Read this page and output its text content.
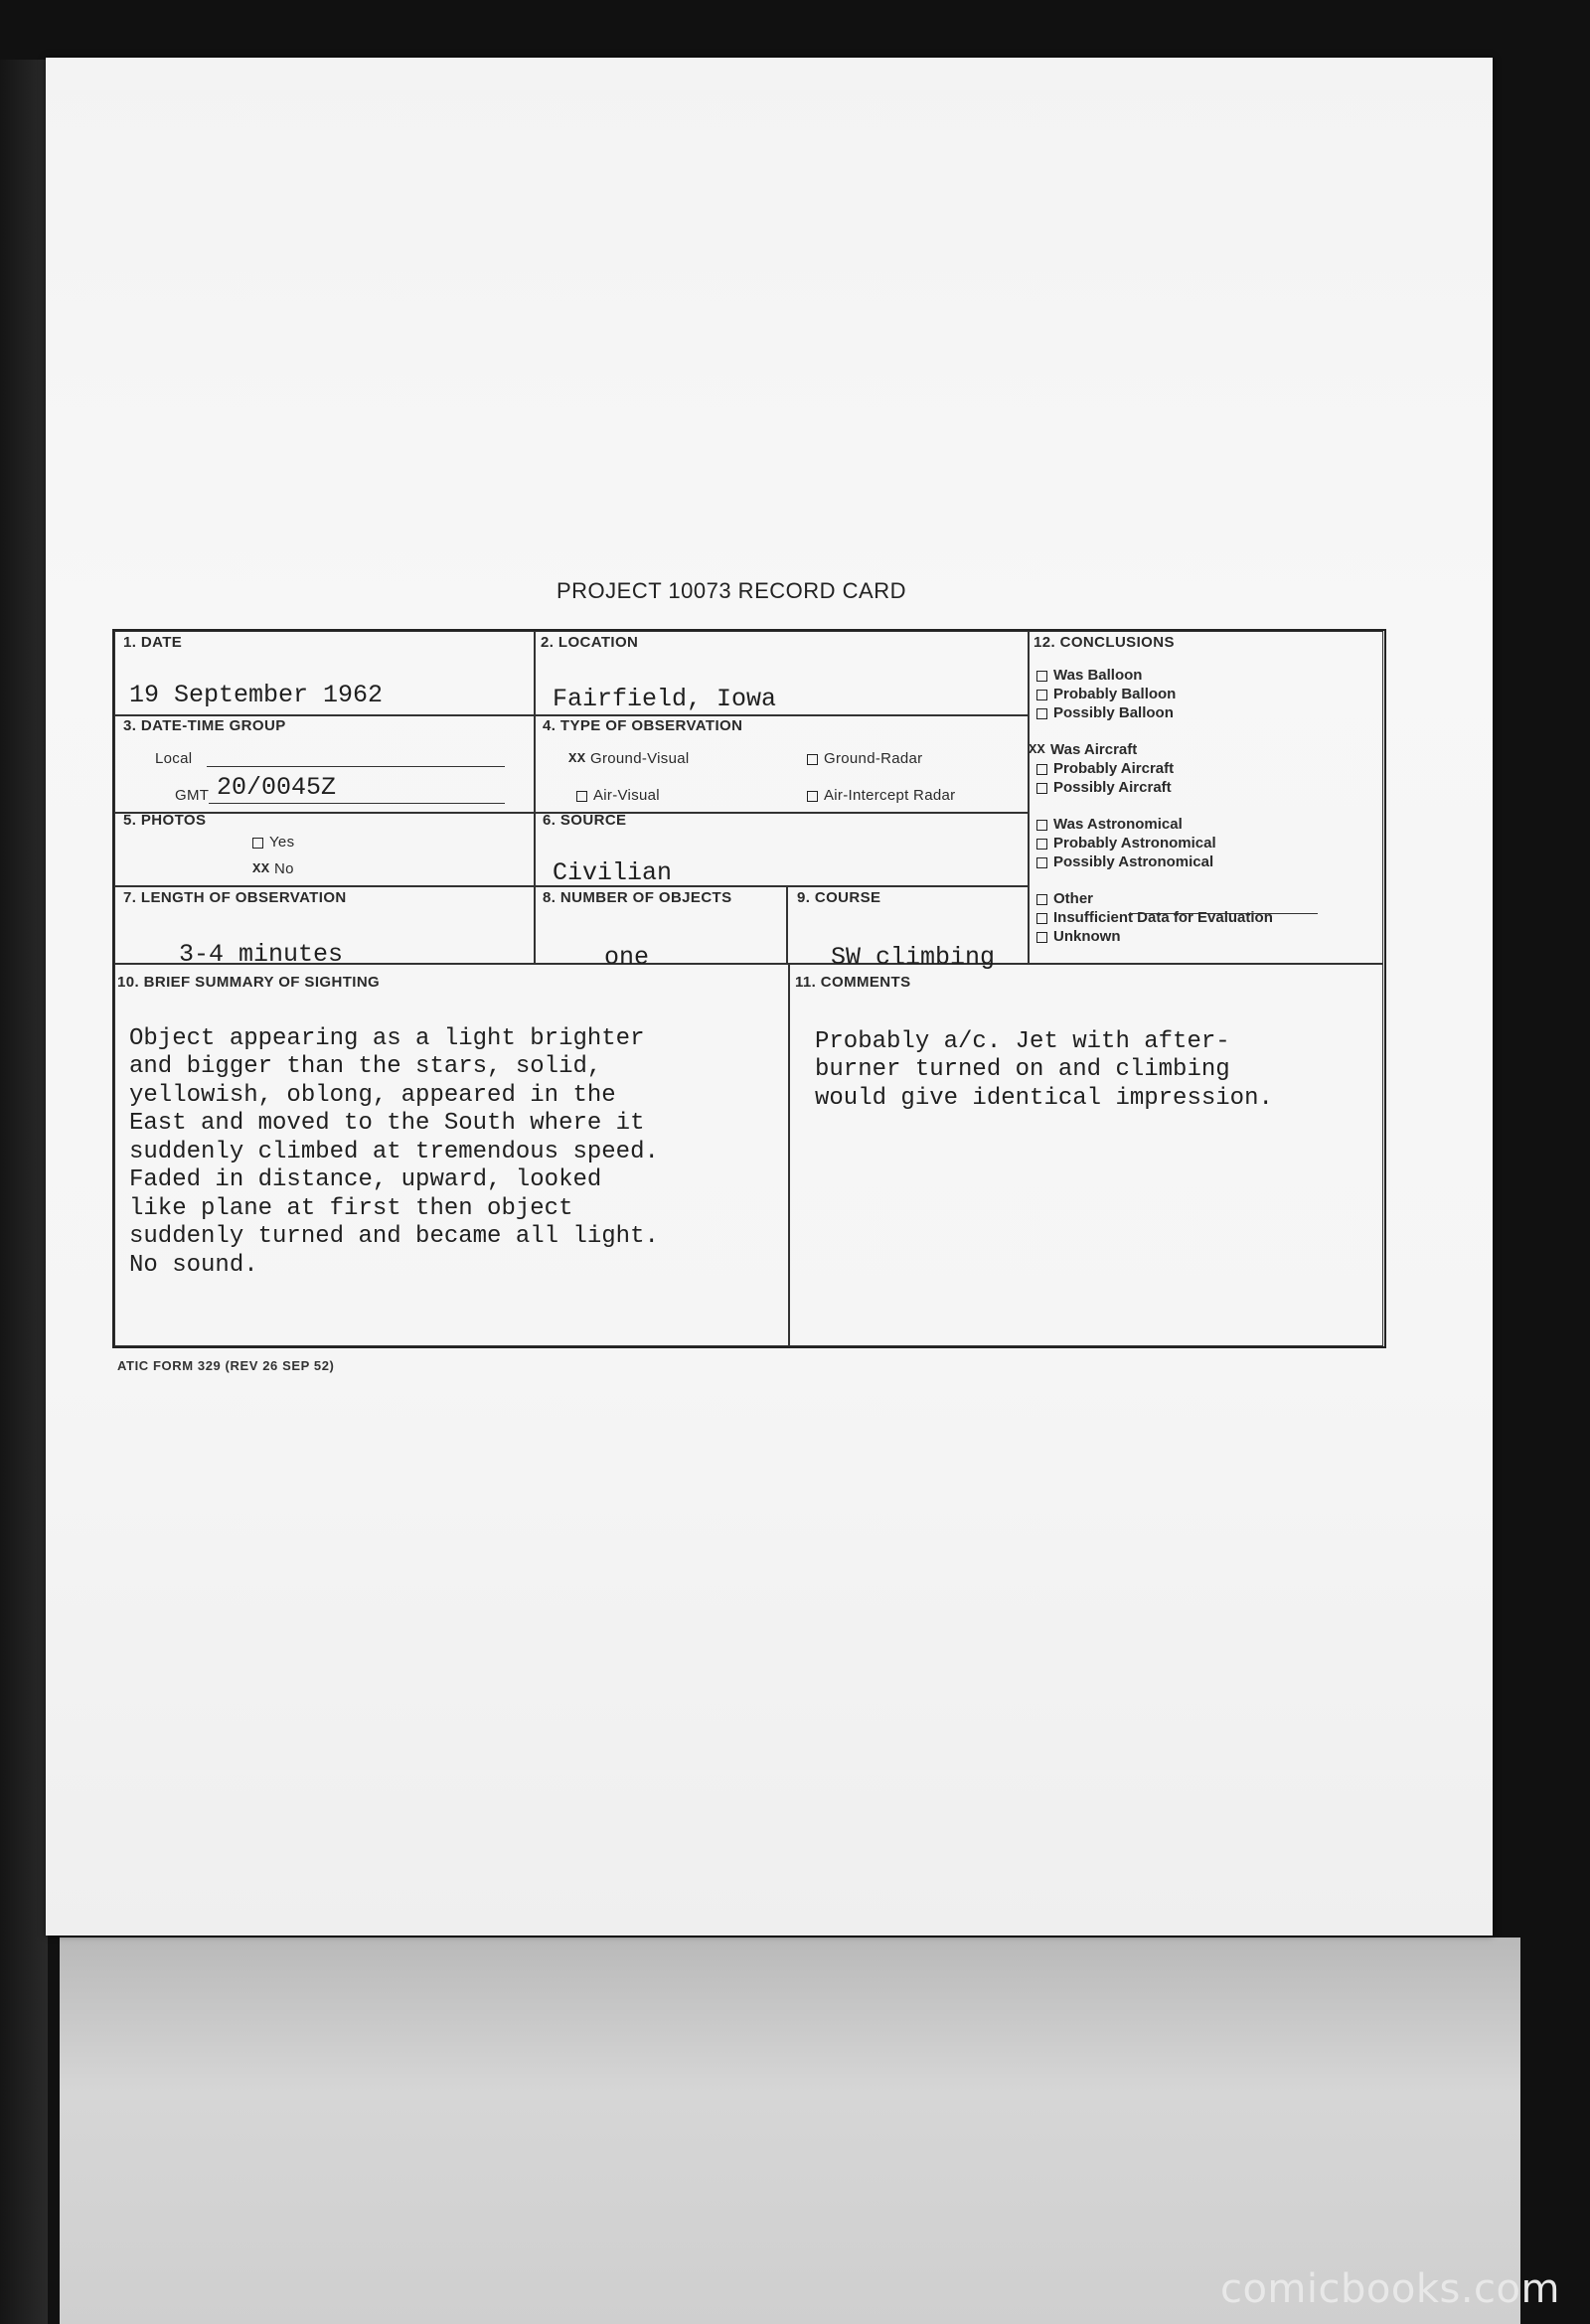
PROJECT 10073 RECORD CARD
1. DATE
19 September 1962
2. LOCATION
Fairfield, Iowa
3. DATE-TIME GROUP
Local
GMT 20/0045Z
4. TYPE OF OBSERVATION
XX Ground-Visual	Ground-Radar
Air-Visual	Air-Intercept Radar
5. PHOTOS
Yes
XX No
6. SOURCE
Civilian
7. LENGTH OF OBSERVATION
3-4 minutes
8. NUMBER OF OBJECTS
one
9. COURSE
SW climbing
12. CONCLUSIONS
Was Balloon
Probably Balloon
Possibly Balloon
XX Was Aircraft
Probably Aircraft
Possibly Aircraft
Was Astronomical
Probably Astronomical
Possibly Astronomical
Other
Insufficient Data for Evaluation
Unknown
10. BRIEF SUMMARY OF SIGHTING

Object appearing as a light brighter
and bigger than the stars, solid,
yellowish, oblong, appeared in the
East and moved to the South where it
suddenly climbed at tremendous speed.
Faded in distance, upward, looked
like plane at first then object
suddenly turned and became all light.
No sound.

11. COMMENTS

Probably a/c. Jet with after-
burner turned on and climbing
would give identical impression.

ATIC FORM 329 (REV 26 SEP 52)
comicbooks.com
